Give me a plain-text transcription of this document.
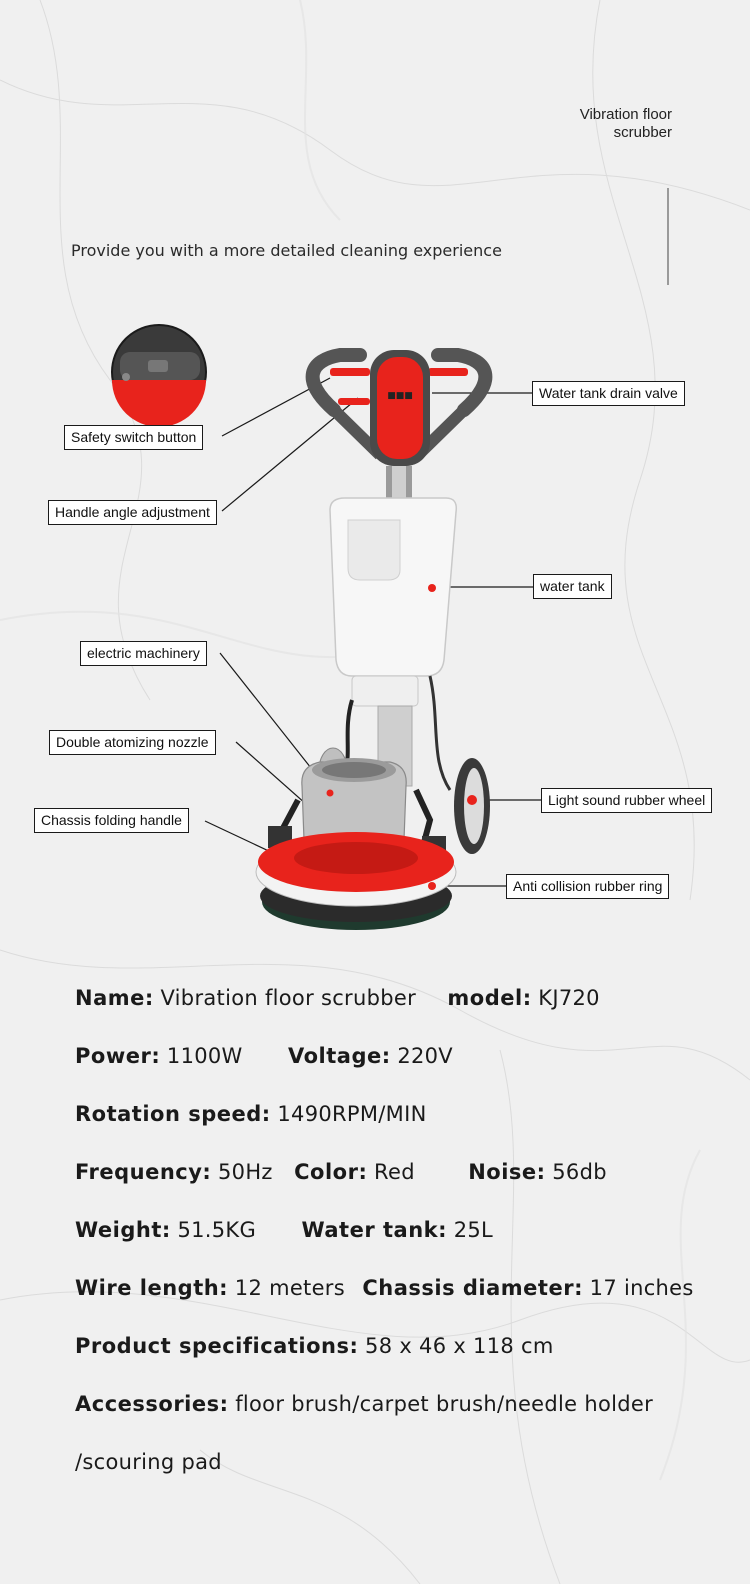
Vibration floor
scrubber
Provide you with a more detailed cleaning experience
■■■
Safety switch button
Handle angle adjustment
Water tank drain valve
water tank
electric machinery
Double atomizing nozzle
Chassis folding handle
Light sound rubber wheel
Anti collision rubber ring
Name: Vibration floor scrubber model: KJ720
Power: 1100W Voltage: 220V
Rotation speed: 1490RPM/MIN
Frequency: 50Hz Color: Red	Noise: 56db
Weight: 51.5KG Water tank: 25L
Wire length: 12 meters Chassis diameter: 17 inches
Product specifications: 58 x 46 x 118 cm
Accessories: floor brush/carpet brush/needle holder
/scouring pad
